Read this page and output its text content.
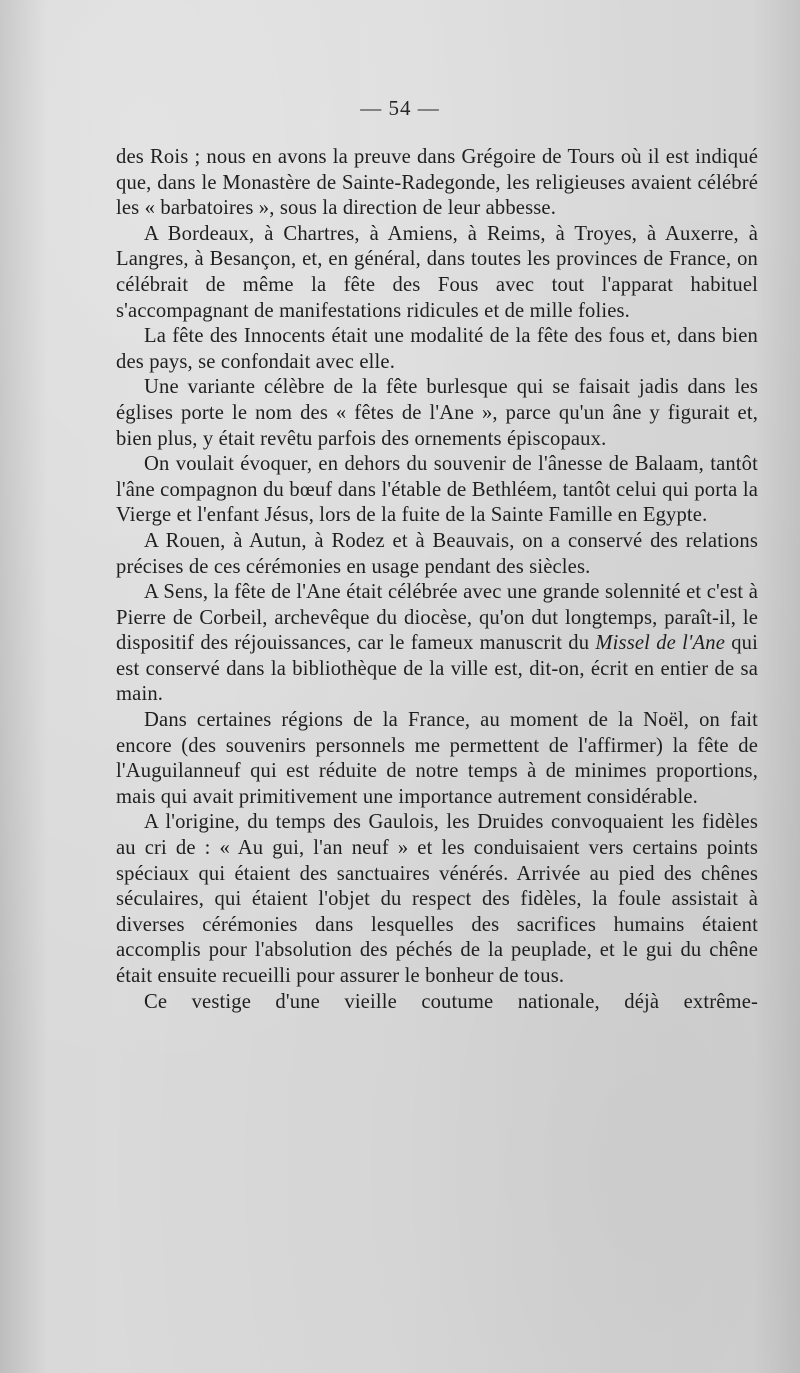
— 54 —

des Rois ; nous en avons la preuve dans Grégoire de Tours où il est indiqué que, dans le Monastère de Sainte-Radegonde, les religieuses avaient célébré les « barbatoires », sous la direction de leur abbesse.

A Bordeaux, à Chartres, à Amiens, à Reims, à Troyes, à Auxerre, à Langres, à Besançon, et, en général, dans toutes les provinces de France, on célébrait de même la fête des Fous avec tout l'apparat habituel s'accompagnant de manifestations ridicules et de mille folies.

La fête des Innocents était une modalité de la fête des fous et, dans bien des pays, se confondait avec elle.

Une variante célèbre de la fête burlesque qui se faisait jadis dans les églises porte le nom des « fêtes de l'Ane », parce qu'un âne y figurait et, bien plus, y était revêtu parfois des ornements épiscopaux.

On voulait évoquer, en dehors du souvenir de l'ânesse de Balaam, tantôt l'âne compagnon du bœuf dans l'étable de Bethléem, tantôt celui qui porta la Vierge et l'enfant Jésus, lors de la fuite de la Sainte Famille en Egypte.

A Rouen, à Autun, à Rodez et à Beauvais, on a conservé des relations précises de ces cérémonies en usage pendant des siècles.

A Sens, la fête de l'Ane était célébrée avec une grande solennité et c'est à Pierre de Corbeil, archevêque du diocèse, qu'on dut longtemps, paraît-il, le dispositif des réjouissances, car le fameux manuscrit du Missel de l'Ane qui est conservé dans la bibliothèque de la ville est, dit-on, écrit en entier de sa main.

Dans certaines régions de la France, au moment de la Noël, on fait encore (des souvenirs personnels me permettent de l'affirmer) la fête de l'Auguilanneuf qui est réduite de notre temps à de minimes proportions, mais qui avait primitivement une importance autrement considérable.

A l'origine, du temps des Gaulois, les Druides convoquaient les fidèles au cri de : « Au gui, l'an neuf » et les conduisaient vers certains points spéciaux qui étaient des sanctuaires vénérés. Arrivée au pied des chênes séculaires, qui étaient l'objet du respect des fidèles, la foule assistait à diverses cérémonies dans lesquelles des sacrifices humains étaient accomplis pour l'absolution des péchés de la peuplade, et le gui du chêne était ensuite recueilli pour assurer le bonheur de tous.

Ce vestige d'une vieille coutume nationale, déjà extrême-
